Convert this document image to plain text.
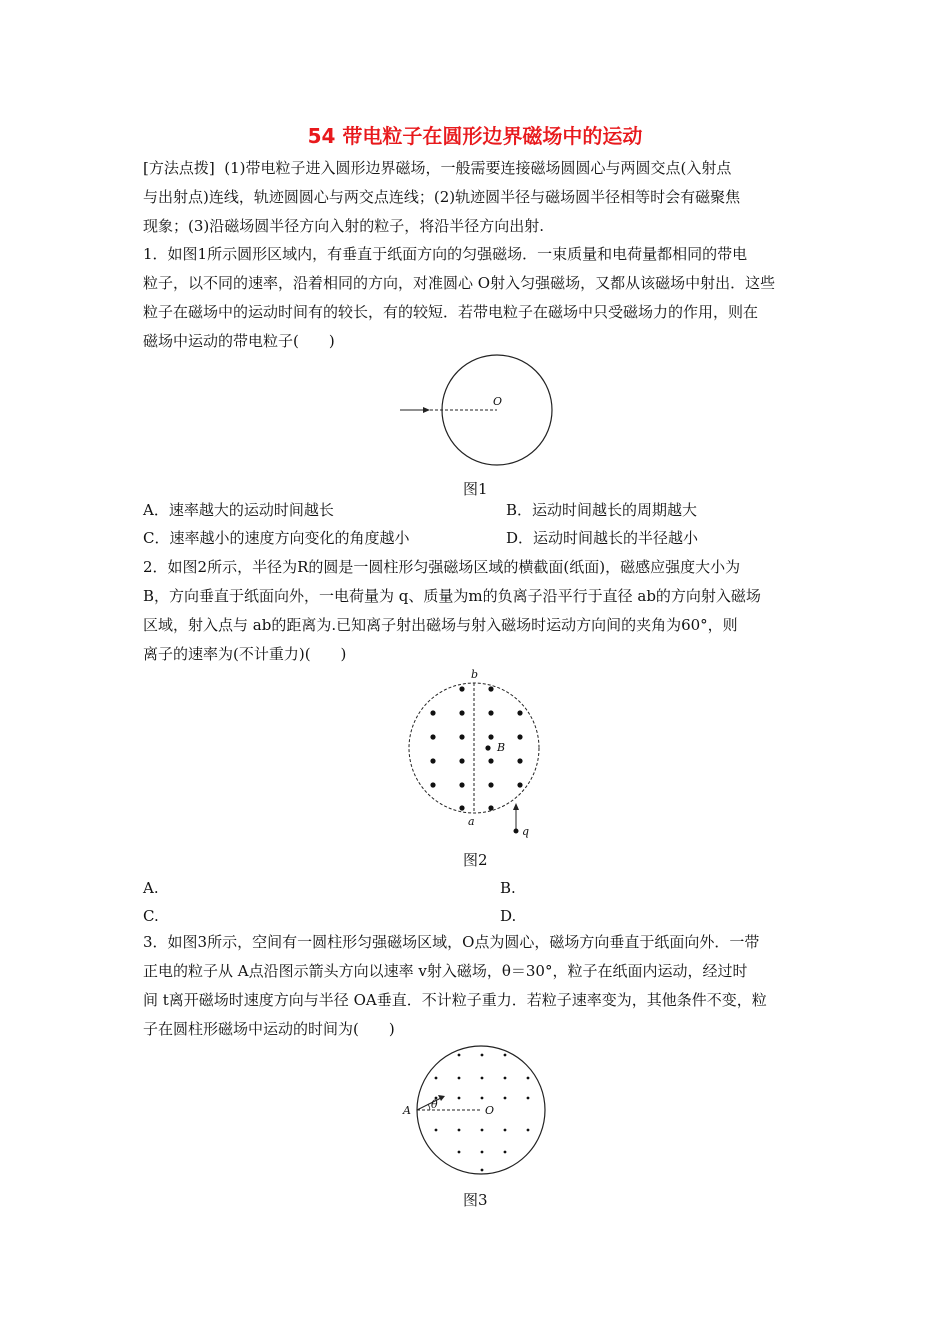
54 带电粒子在圆形边界磁场中的运动
[方法点拨] (1)带电粒子进入圆形边界磁场，一般需要连接磁场圆圆心与两圆交点(入射点
与出射点)连线，轨迹圆圆心与两交点连线；(2)轨迹圆半径与磁场圆半径相等时会有磁聚焦
现象；(3)沿磁场圆半径方向入射的粒子，将沿半径方向出射.
1．如图1所示圆形区域内，有垂直于纸面方向的匀强磁场．一束质量和电荷量都相同的带电
粒子，以不同的速率，沿着相同的方向，对准圆心 O射入匀强磁场，又都从该磁场中射出．这些
粒子在磁场中的运动时间有的较长，有的较短．若带电粒子在磁场中只受磁场力的作用，则在
磁场中运动的带电粒子(　　)
O
图1
A．速率越大的运动时间越长	B．运动时间越长的周期越大
C．速率越小的速度方向变化的角度越小	D．运动时间越长的半径越小
2．如图2所示，半径为R的圆是一圆柱形匀强磁场区域的横截面(纸面)，磁感应强度大小为
B，方向垂直于纸面向外，一电荷量为 q、质量为m的负离子沿平行于直径 ab的方向射入磁场
区域，射入点与 ab的距离为.已知离子射出磁场与射入磁场时运动方向间的夹角为60°，则
离子的速率为(不计重力)(　　)
b
a
B
q
图2
A.	B.
C.	D.
3．如图3所示，空间有一圆柱形匀强磁场区域，O点为圆心，磁场方向垂直于纸面向外．一带
正电的粒子从 A点沿图示箭头方向以速率 v射入磁场，θ＝30°，粒子在纸面内运动，经过时
间 t离开磁场时速度方向与半径 OA垂直．不计粒子重力．若粒子速率变为，其他条件不变，粒
子在圆柱形磁场中运动的时间为(　　)
θ
A	O
图3
